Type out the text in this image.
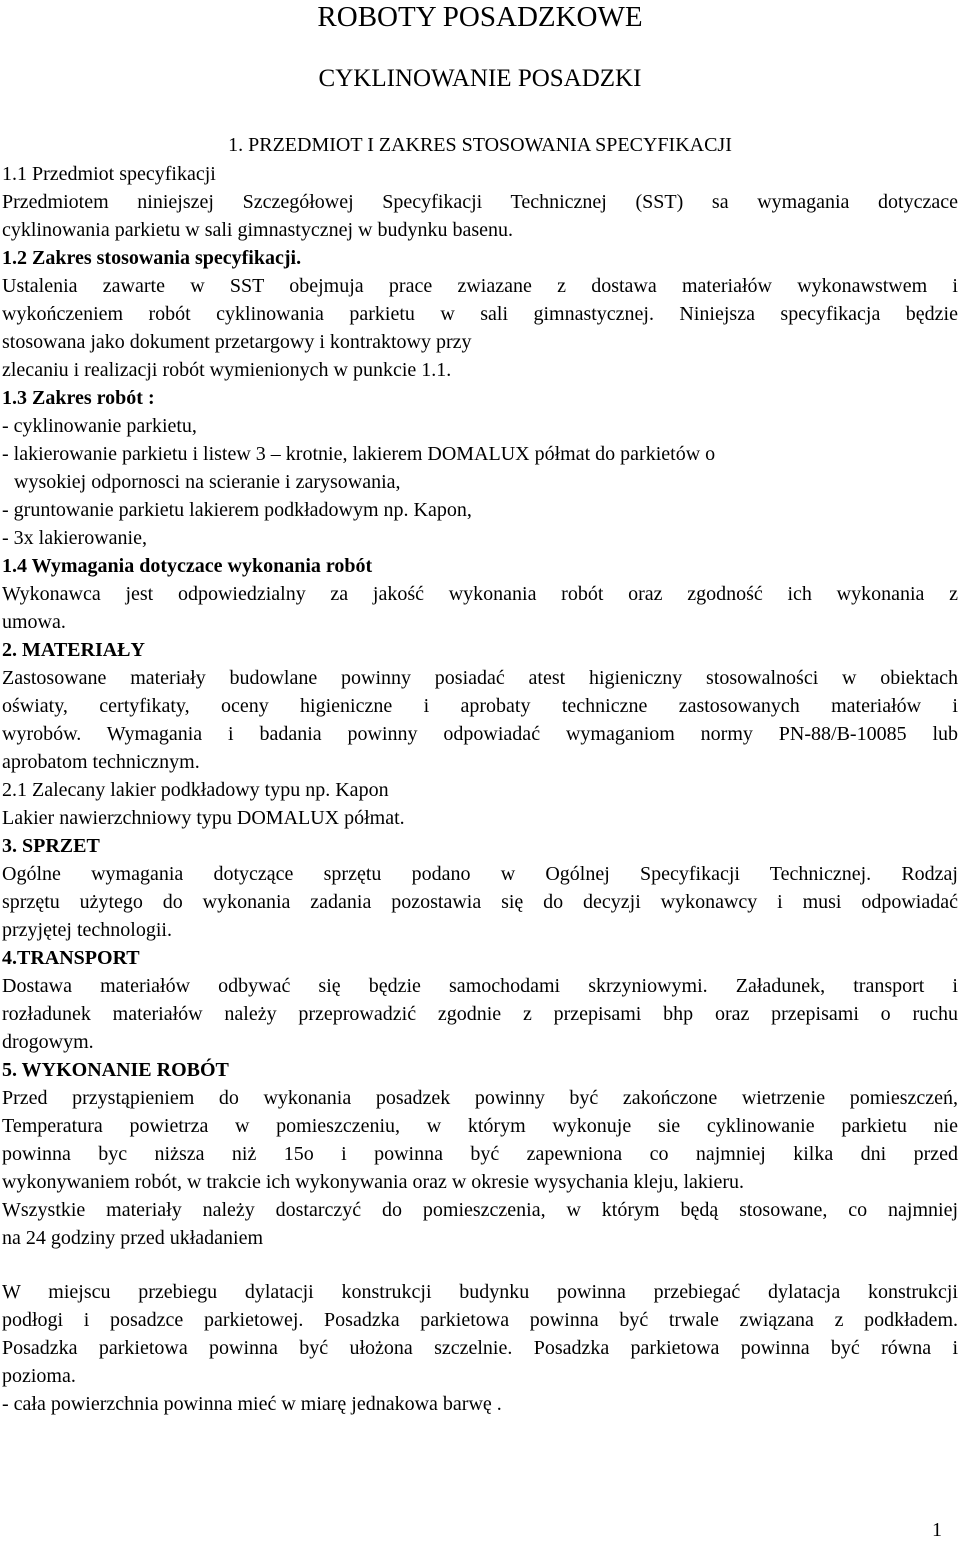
ROBOTY POSADZKOWE
CYKLINOWANIE POSADZKI
1. PRZEDMIOT I ZAKRES STOSOWANIA SPECYFIKACJI
1.1 Przedmiot specyfikacji
Przedmiotem niniejszej Szczegółowej Specyfikacji Technicznej (SST) sa wymagania dotyczace
cyklinowania parkietu w sali gimnastycznej w budynku basenu.
1.2 Zakres stosowania specyfikacji.
Ustalenia zawarte w SST obejmuja prace zwiazane z dostawa materiałów wykonawstwem i
wykończeniem robót cyklinowania parkietu w sali gimnastycznej. Niniejsza specyfikacja będzie
stosowana jako dokument przetargowy i kontraktowy przy
zlecaniu i realizacji robót wymienionych w punkcie 1.1.
1.3 Zakres robót :
- cyklinowanie parkietu,
- lakierowanie parkietu i listew 3 – krotnie, lakierem DOMALUX półmat do parkietów o
wysokiej odpornosci na scieranie i zarysowania,
- gruntowanie parkietu lakierem podkładowym np. Kapon,
- 3x lakierowanie,
1.4 Wymagania dotyczace wykonania robót
Wykonawca jest odpowiedzialny za jakość wykonania robót oraz zgodność ich wykonania z
umowa.
2. MATERIAŁY
Zastosowane materiały budowlane powinny posiadać atest higieniczny stosowalności w obiektach
oświaty, certyfikaty, oceny higieniczne i aprobaty techniczne zastosowanych materiałów i
wyrobów. Wymagania i badania powinny odpowiadać wymaganiom normy PN-88/B-10085 lub
aprobatom technicznym.
2.1 Zalecany lakier podkładowy typu np. Kapon
Lakier nawierzchniowy typu DOMALUX półmat.
3. SPRZET
Ogólne wymagania dotyczące sprzętu podano w Ogólnej Specyfikacji Technicznej. Rodzaj
sprzętu użytego do wykonania zadania pozostawia się do decyzji wykonawcy i musi odpowiadać
przyjętej technologii.
4.TRANSPORT
Dostawa materiałów odbywać się będzie samochodami skrzyniowymi. Załadunek, transport i
rozładunek materiałów należy przeprowadzić zgodnie z przepisami bhp oraz przepisami o ruchu
drogowym.
5. WYKONANIE ROBÓT
Przed przystąpieniem do wykonania posadzek powinny być zakończone wietrzenie pomieszczeń,
Temperatura powietrza w pomieszczeniu, w którym wykonuje sie cyklinowanie parkietu nie
powinna byc niższa niż 15o i powinna być zapewniona co najmniej kilka dni przed
wykonywaniem robót, w trakcie ich wykonywania oraz w okresie wysychania kleju, lakieru.
Wszystkie materiały należy dostarczyć do pomieszczenia, w którym będą stosowane, co najmniej
na 24 godziny przed układaniem
W miejscu przebiegu dylatacji konstrukcji budynku powinna przebiegać dylatacja konstrukcji
podłogi i posadzce parkietowej. Posadzka parkietowa powinna być trwale związana z podkładem.
Posadzka parkietowa powinna być ułożona szczelnie. Posadzka parkietowa powinna być równa i
pozioma.
- cała powierzchnia powinna mieć w miarę jednakowa barwę .
1
